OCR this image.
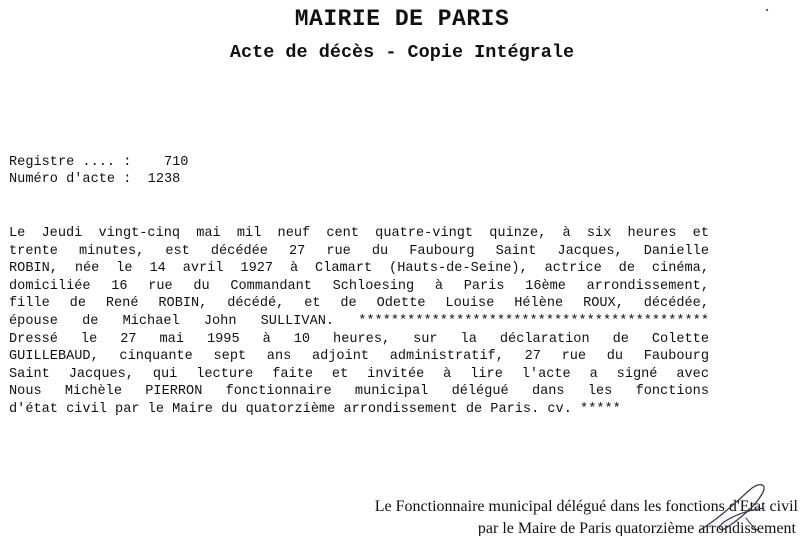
MAIRIE DE PARIS
Acte de décès - Copie Intégrale
Registre .... :    710
Numéro d'acte :  1238
Le Jeudi vingt-cinq mai mil neuf cent quatre-vingt quinze, à six heures et
trente minutes, est décédée 27 rue du Faubourg Saint Jacques, Danielle
ROBIN, née le 14 avril 1927 à Clamart (Hauts-de-Seine), actrice de cinéma,
domiciliée 16 rue du Commandant Schloesing à Paris 16ème arrondissement,
fille de René ROBIN, décédé, et de Odette Louise Hélène ROUX, décédée,
épouse de Michael John SULLIVAN. *******************************************
Dressé le 27 mai 1995 à 10 heures, sur la déclaration de Colette
GUILLEBAUD, cinquante sept ans adjoint administratif, 27 rue du Faubourg
Saint Jacques, qui lecture faite et invitée à lire l'acte a signé avec
Nous Michèle PIERRON fonctionnaire municipal délégué dans les fonctions
d'état civil par le Maire du quatorzième arrondissement de Paris. cv. *****
Le Fonctionnaire municipal délégué dans les fonctions d'Etat civil
par le Maire de Paris quatorzième arrondissement
